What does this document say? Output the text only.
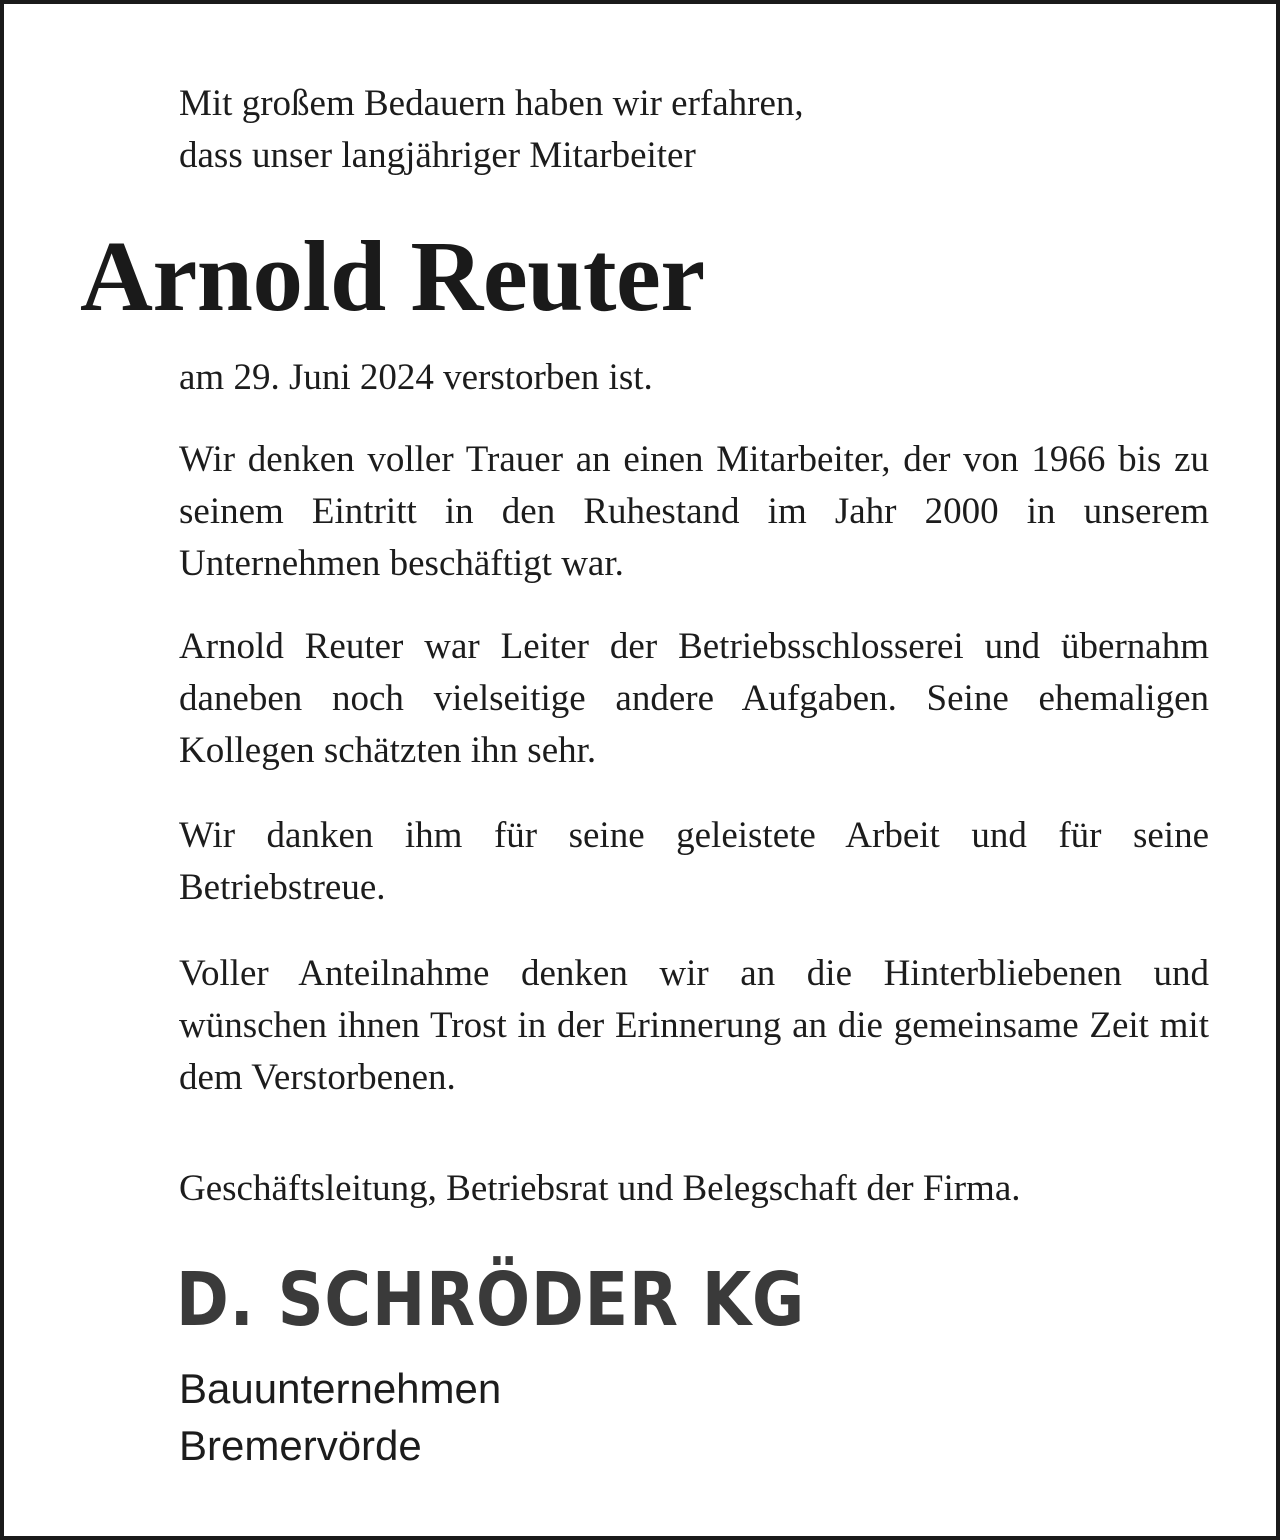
Mit großem Bedauern haben wir erfahren,
dass unser langjähriger Mitarbeiter

Arnold Reuter

am 29. Juni 2024 verstorben ist.

Wir denken voller Trauer an einen Mitarbeiter, der von 1966 bis zu seinem Eintritt in den Ruhestand im Jahr 2000 in unserem Unternehmen beschäftigt war.

Arnold Reuter war Leiter der Betriebsschlosserei und übernahm daneben noch vielseitige andere Aufgaben. Seine ehemaligen Kollegen schätzten ihn sehr.

Wir danken ihm für seine geleistete Arbeit und für seine Betriebstreue.

Voller Anteilnahme denken wir an die Hinterbliebenen und wünschen ihnen Trost in der Erinnerung an die gemeinsame Zeit mit dem Verstorbenen.

Geschäftsleitung, Betriebsrat und Belegschaft der Firma.

D. SCHRÖDER KG

Bauunternehmen

Bremervörde
